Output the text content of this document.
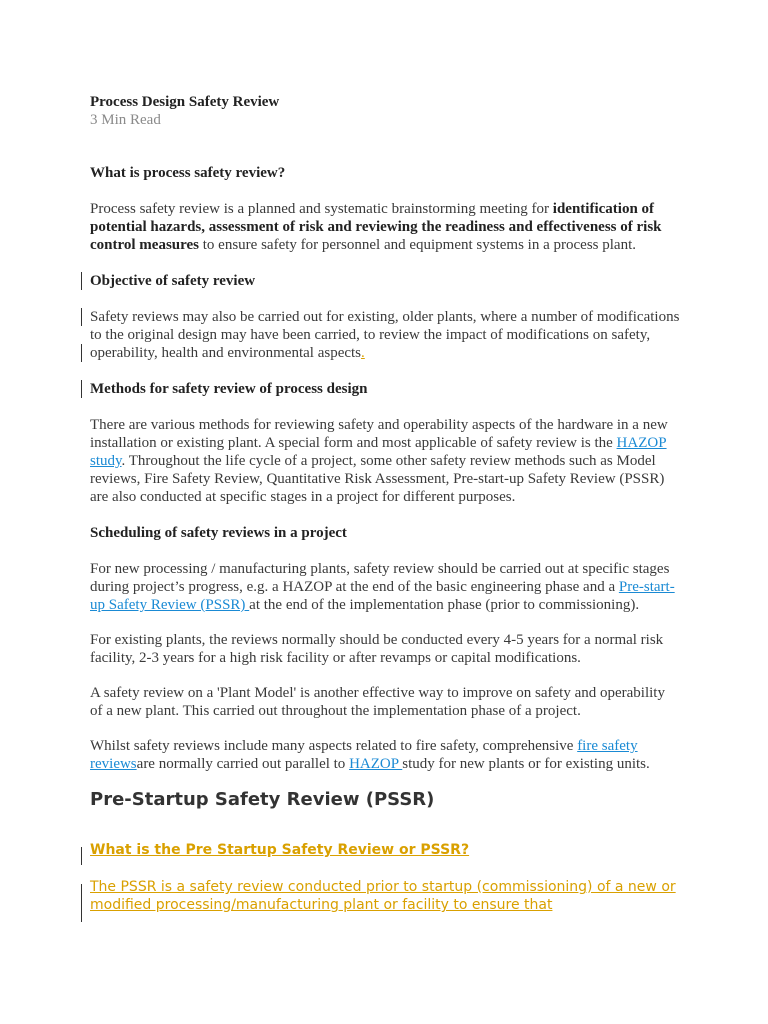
Process Design Safety Review
3 Min Read
What is process safety review?

Process safety review is a planned and systematic brainstorming meeting for identification of potential hazards, assessment of risk and reviewing the readiness and effectiveness of risk control measures to ensure safety for personnel and equipment systems in a process plant.

Objective of safety review

Safety reviews may also be carried out for existing, older plants, where a number of modifications to the original design may have been carried, to review the impact of modifications on safety, operability, health and environmental aspects.

Methods for safety review of process design

There are various methods for reviewing safety and operability aspects of the hardware in a new installation or existing plant. A special form and most applicable of safety review is the HAZOP study. Throughout the life cycle of a project, some other safety review methods such as Model reviews, Fire Safety Review, Quantitative Risk Assessment, Pre-start-up Safety Review (PSSR) are also conducted at specific stages in a project for different purposes.

Scheduling of safety reviews in a project

For new processing / manufacturing plants, safety review should be carried out at specific stages during project’s progress, e.g. a HAZOP at the end of the basic engineering phase and a Pre-start-up Safety Review (PSSR) at the end of the implementation phase (prior to commissioning).

For existing plants, the reviews normally should be conducted every 4-5 years for a normal risk facility, 2-3 years for a high risk facility or after revamps or capital modifications.

A safety review on a 'Plant Model' is another effective way to improve on safety and operability of a new plant. This carried out throughout the implementation phase of a project.

Whilst safety reviews include many aspects related to fire safety, comprehensive fire safety reviewsare normally carried out parallel to HAZOP study for new plants or for existing units.

Pre-Startup Safety Review (PSSR)
What is the Pre Startup Safety Review or PSSR?
The PSSR is a safety review conducted prior to startup (commissioning) of a new or modified processing/manufacturing plant or facility to ensure that
